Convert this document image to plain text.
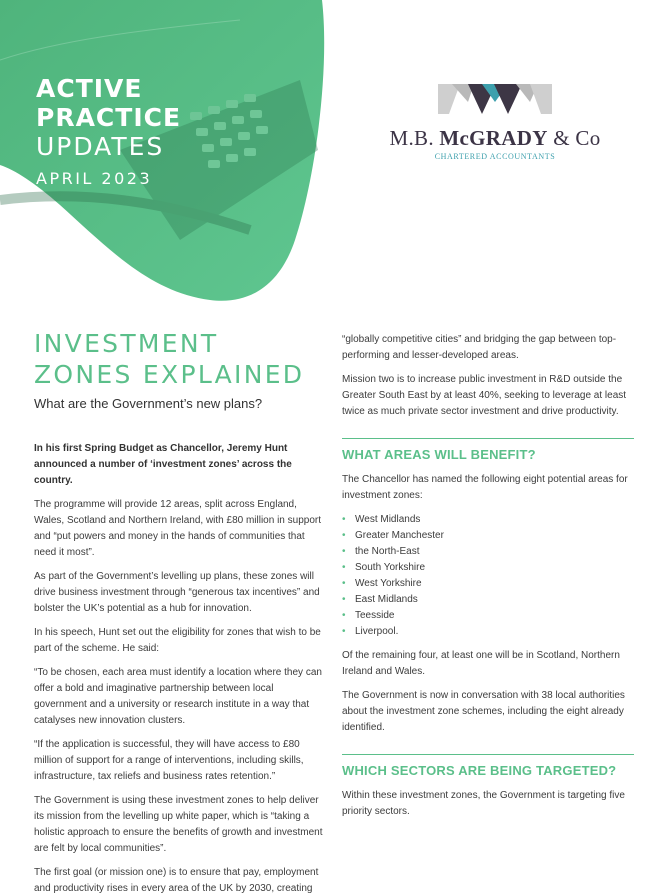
ACTIVE
PRACTICE
UPDATES
APRIL 2023
M.B. McGRADY & Co
CHARTERED ACCOUNTANTS
INVESTMENT
ZONES EXPLAINED
What are the Government’s new plans?

In his first Spring Budget as Chancellor, Jeremy Hunt announced a number of ‘investment zones’ across the country.

The programme will provide 12 areas, split across England, Wales, Scotland and Northern Ireland, with £80 million in support and “put powers and money in the hands of communities that need it most”.

As part of the Government’s levelling up plans, these zones will drive business investment through “generous tax incentives” and bolster the UK’s potential as a hub for innovation.

In his speech, Hunt set out the eligibility for zones that wish to be part of the scheme. He said:

“To be chosen, each area must identify a location where they can offer a bold and imaginative partnership between local government and a university or research institute in a way that catalyses new innovation clusters.

“If the application is successful, they will have access to £80 million of support for a range of interventions, including skills, infrastructure, tax reliefs and business rates retention.”

The Government is using these investment zones to help deliver its mission from the levelling up white paper, which is “taking a holistic approach to ensure the benefits of growth and investment are felt by local communities”.

The first goal (or mission one) is to ensure that pay, employment and productivity rises in every area of the UK by 2030, creating

“globally competitive cities” and bridging the gap between top-performing and lesser-developed areas.

Mission two is to increase public investment in R&D outside the Greater South East by at least 40%, seeking to leverage at least twice as much private sector investment and drive productivity.

WHAT AREAS WILL BENEFIT?

The Chancellor has named the following eight potential areas for investment zones:

• West Midlands
• Greater Manchester
• the North-East
• South Yorkshire
• West Yorkshire
• East Midlands
• Teesside
• Liverpool.

Of the remaining four, at least one will be in Scotland, Northern Ireland and Wales.

The Government is now in conversation with 38 local authorities about the investment zone schemes, including the eight already identified.

WHICH SECTORS ARE BEING TARGETED?

Within these investment zones, the Government is targeting five priority sectors.
